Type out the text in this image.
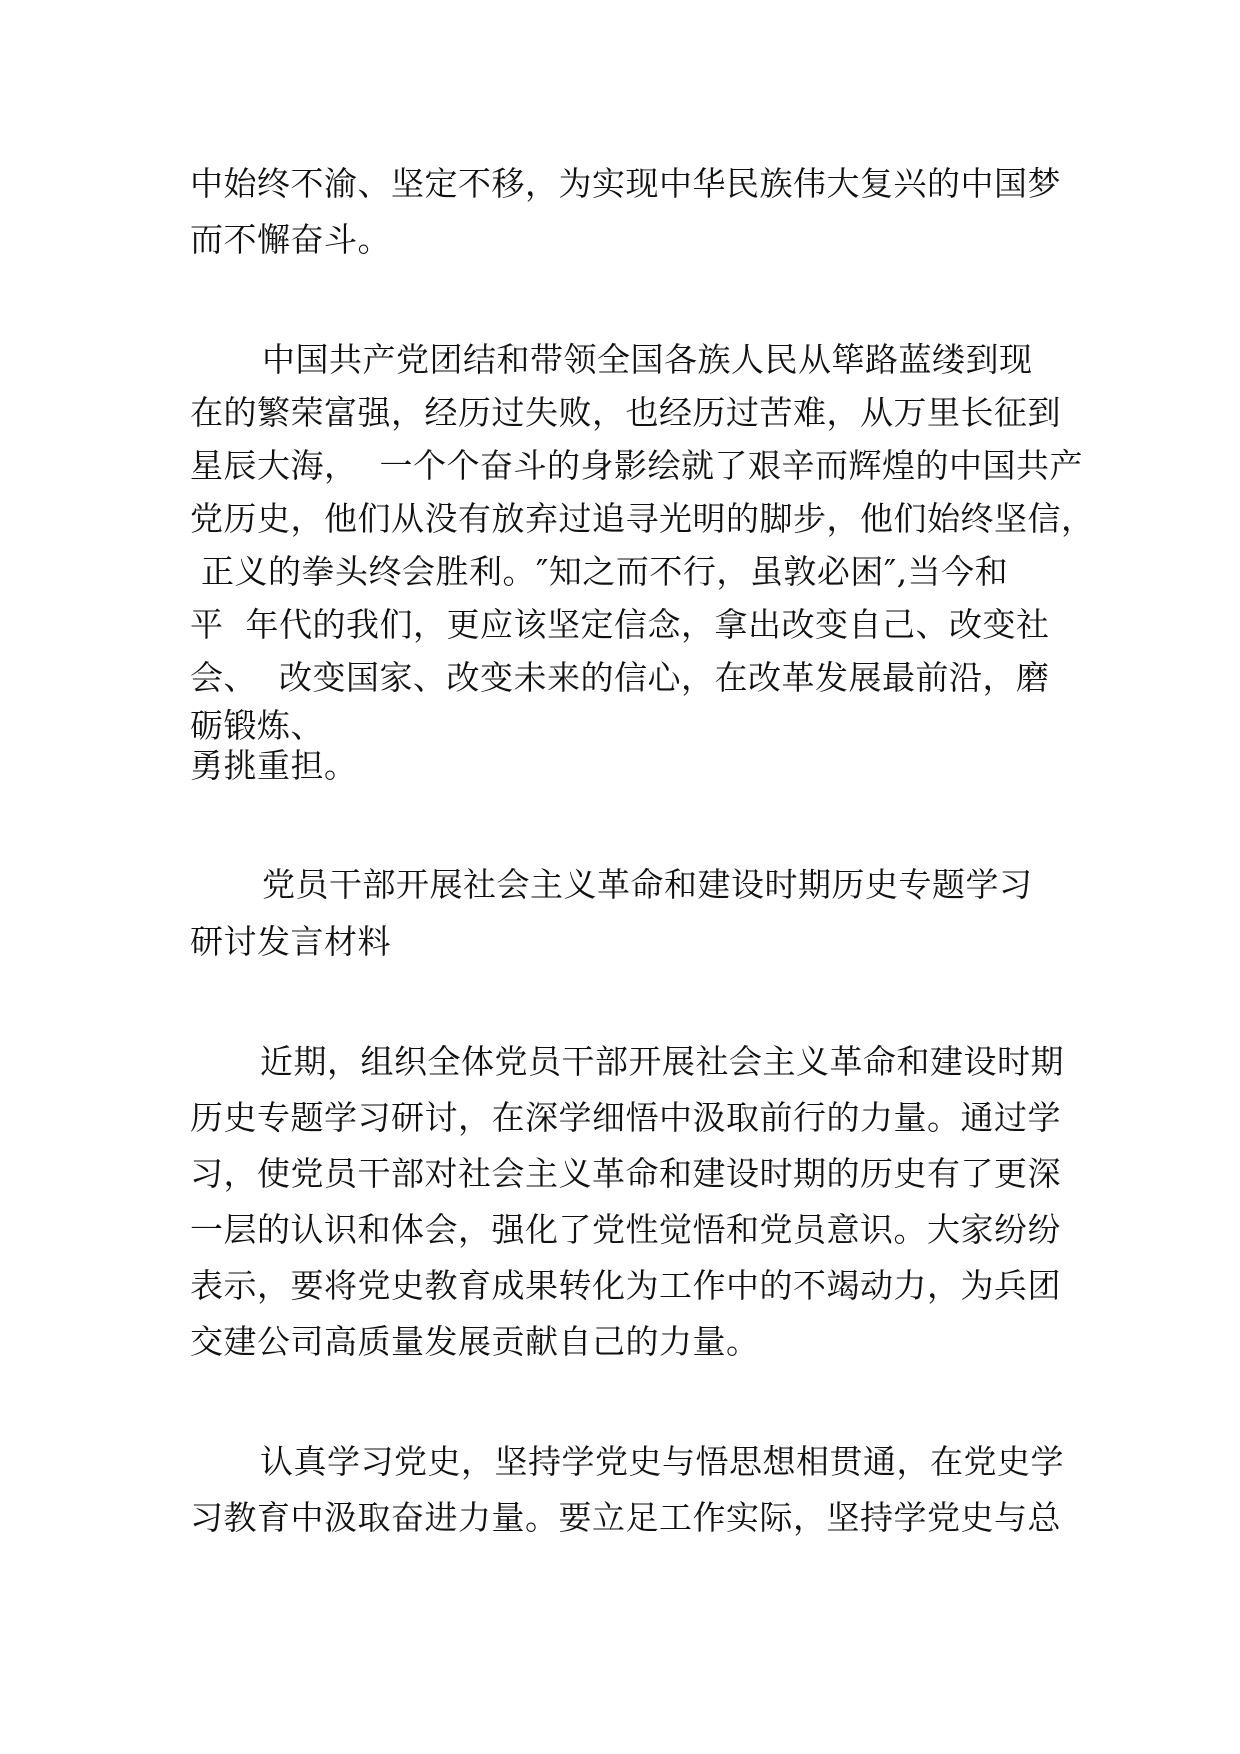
中始终不渝、坚定不移，为实现中华民族伟大复兴的中国梦
而不懈奋斗。
中国共产党团结和带领全国各族人民从筚路蓝缕到现
在的繁荣富强，经历过失败，也经历过苦难，从万里长征到
星辰大海，  一个个奋斗的身影绘就了艰辛而辉煌的中国共产
党历史，他们从没有放弃过追寻光明的脚步，他们始终坚信，
正义的拳头终会胜利。″知之而不行，虽敦必困″,当今和
平  年代的我们，更应该坚定信念，拿出改变自己、改变社
会、  改变国家、改变未来的信心，在改革发展最前沿，磨
砺锻炼、
勇挑重担。
党员干部开展社会主义革命和建设时期历史专题学习
研讨发言材料
近期，组织全体党员干部开展社会主义革命和建设时期
历史专题学习研讨，在深学细悟中汲取前行的力量。通过学
习，使党员干部对社会主义革命和建设时期的历史有了更深
一层的认识和体会，强化了党性觉悟和党员意识。大家纷纷
表示，要将党史教育成果转化为工作中的不竭动力，为兵团
交建公司高质量发展贡献自己的力量。
认真学习党史，坚持学党史与悟思想相贯通，在党史学
习教育中汲取奋进力量。要立足工作实际，坚持学党史与总
